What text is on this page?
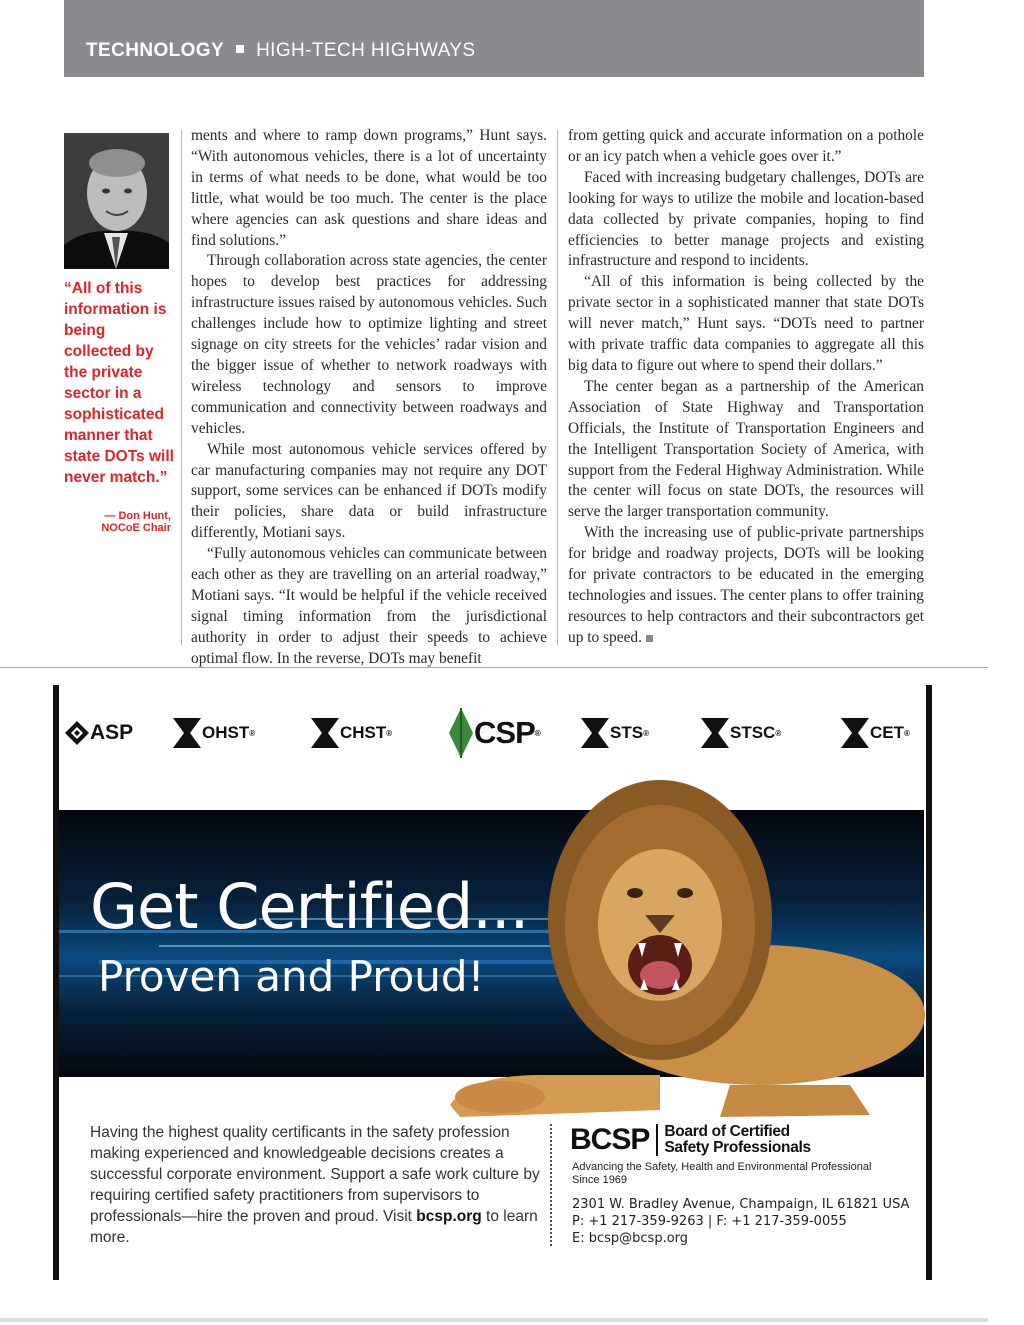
TECHNOLOGY HIGH-TECH HIGHWAYS
“All of this information is being collected by the private sector in a sophisticated manner that state DOTs will never match.”
— Don Hunt,
NOCoE Chair

ments and where to ramp down programs,” Hunt says. “With autonomous vehicles, there is a lot of uncertainty in terms of what needs to be done, what would be too little, what would be too much. The center is the place where agencies can ask questions and share ideas and find solutions.”

Through collaboration across state agencies, the center hopes to develop best practices for addressing infrastructure issues raised by autonomous vehicles. Such challenges include how to optimize lighting and street signage on city streets for the vehicles’ radar vision and the bigger issue of whether to network roadways with wireless technology and sensors to improve communication and connectivity between roadways and vehicles.

While most autonomous vehicle services offered by car manufacturing companies may not require any DOT support, some services can be enhanced if DOTs modify their policies, share data or build infrastructure differently, Motiani says.

“Fully autonomous vehicles can communicate between each other as they are travelling on an arterial roadway,” Motiani says. “It would be helpful if the vehicle received signal timing information from the jurisdictional authority in order to adjust their speeds to achieve optimal flow. In the reverse, DOTs may benefit

from getting quick and accurate information on a pothole or an icy patch when a vehicle goes over it.”

Faced with increasing budgetary challenges, DOTs are looking for ways to utilize the mobile and location-based data collected by private companies, hoping to find efficiencies to better manage projects and existing infrastructure and respond to incidents.

“All of this information is being collected by the private sector in a sophisticated manner that state DOTs will never match,” Hunt says. “DOTs need to partner with private traffic data companies to aggregate all this big data to figure out where to spend their dollars.”

The center began as a partnership of the American Association of State Highway and Transportation Officials, the Institute of Transportation Engineers and the Intelligent Transportation Society of America, with support from the Federal Highway Administration. While the center will focus on state DOTs, the resources will serve the larger transportation community.

With the increasing use of public-private partnerships for bridge and roadway projects, DOTs will be looking for private contractors to be educated in the emerging technologies and issues. The center plans to offer training resources to help contractors and their subcontractors get up to speed.

ASP	OHST ®	CHST ®	CSP ®	STS ®	STSC ®	CET ®
Get Certified...
Proven and Proud!
Having the highest quality certificants in the safety profession making experienced and knowledgeable decisions creates a successful corporate environment. Support a safe work culture by requiring certified safety practitioners from supervisors to professionals—hire the proven and proud. Visit bcsp.org to learn more.
BCSP Board of Certified
Safety Professionals
Advancing the Safety, Health and Environmental Professional Since 1969
2301 W. Bradley Avenue, Champaign, IL 61821 USA
P: +1 217-359-9263 | F: +1 217-359-0055
E: bcsp@bcsp.org
